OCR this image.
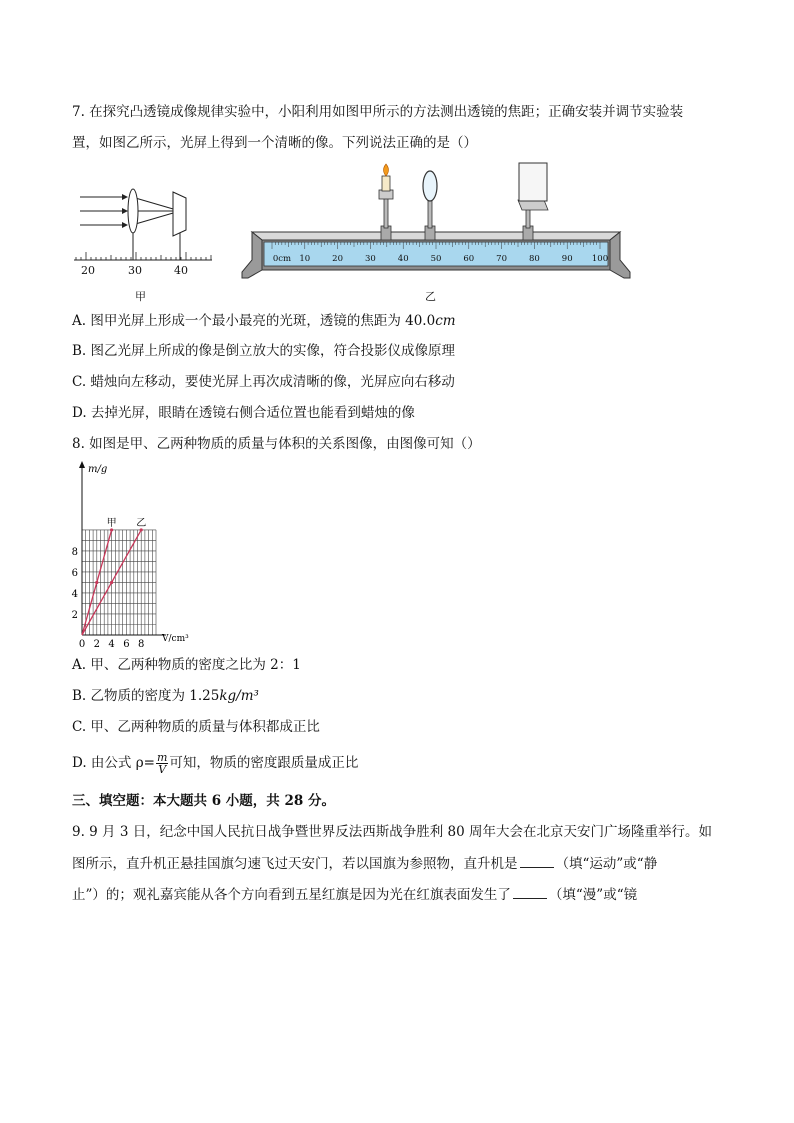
7. 在探究凸透镜成像规律实验中，小阳利用如图甲所示的方法测出透镜的焦距；正确安装并调节实验装
置，如图乙所示，光屏上得到一个清晰的像。下列说法正确的是（）
20	30	40
甲
0cm 10	20	30	40	50	60	70	80	90 100
乙
A. 图甲光屏上形成一个最小最亮的光斑，透镜的焦距为 40.0cm
B. 图乙光屏上所成的像是倒立放大的实像，符合投影仪成像原理
C. 蜡烛向左移动，要使光屏上再次成清晰的像，光屏应向右移动
D. 去掉光屏，眼睛在透镜右侧合适位置也能看到蜡烛的像
8. 如图是甲、乙两种物质的质量与体积的关系图像，由图像可知（）
m/g
V/cm³
0 2 4 6 8
2
4
6
8
甲 乙
A. 甲、乙两种物质的密度之比为 2：1
B. 乙物质的密度为 1.25kg/m³
C. 甲、乙两种物质的质量与体积都成正比
D. 由公式 $\rho= \frac{m}{V}$ 可知，物质的密度跟质量成正比
三、填空题：本大题共 6 小题，共 28 分。
9. 9 月 3 日，纪念中国人民抗日战争暨世界反法西斯战争胜利 80 周年大会在北京天安门广场隆重举行。如
图所示，直升机正悬挂国旗匀速飞过天安门，若以国旗为参照物，直升机是	（填“运动”或“静
止”）的；观礼嘉宾能从各个方向看到五星红旗是因为光在红旗表面发生了	（填“漫”或“镜
